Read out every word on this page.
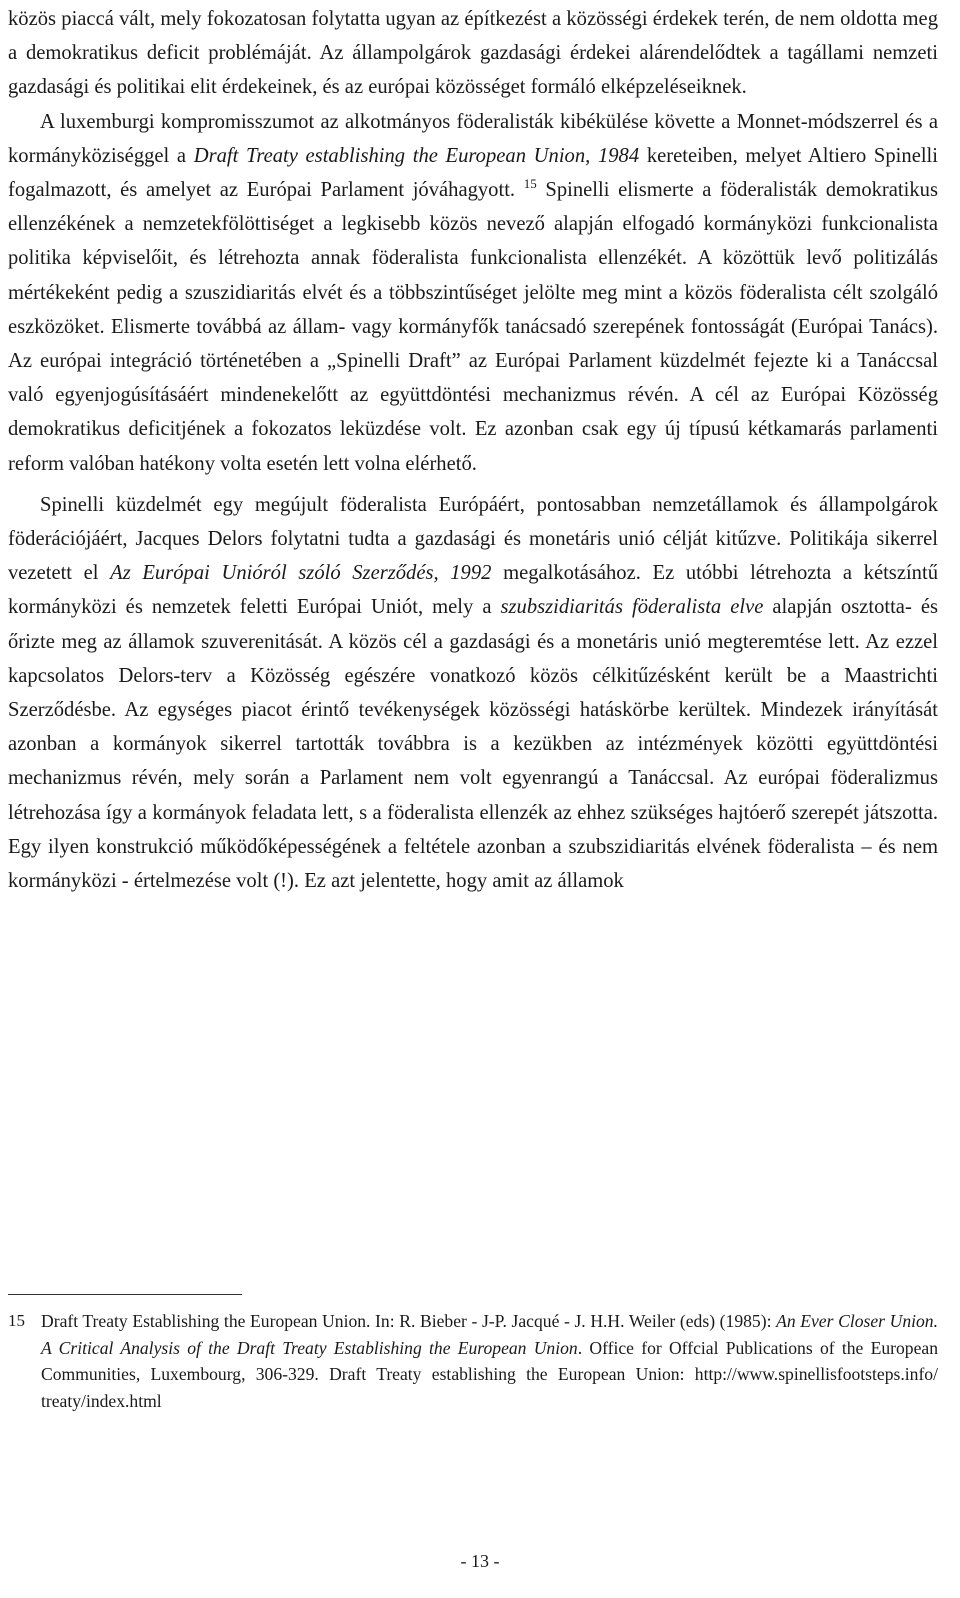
közös piaccá vált, mely fokozatosan folytatta ugyan az építkezést a közösségi érdekek terén, de nem oldotta meg a demokratikus deficit problémáját. Az állampolgárok gazdasági érdekei alárendelődtek a tagállami nemzeti gazdasági és politikai elit érdekeinek, és az európai közösséget formáló elképzeléseiknek.

A luxemburgi kompromisszumot az alkotmányos föderalisták kibékülése követte a Monnet-módszerrel és a kormányköziséggel a Draft Treaty establishing the European Union, 1984 kereteiben, melyet Altiero Spinelli fogalmazott, és amelyet az Európai Parlament jóváhagyott. $^{15}$ Spinelli elismerte a föderalisták demokratikus ellenzékének a nemzetekfölöttiséget a legkisebb közös nevező alapján elfogadó kormányközi funkcionalista politika képviselőit, és létrehozta annak föderalista funkcionalista ellenzékét. A közöttük levő politizálás mértékeként pedig a szuszidiaritás elvét és a többszintűséget jelölte meg mint a közös föderalista célt szolgáló eszközöket. Elismerte továbbá az állam- vagy kormányfők tanácsadó szerepének fontosságát (Európai Tanács). Az európai integráció történetében a „Spinelli Draft” az Európai Parlament küzdelmét fejezte ki a Tanáccsal való egyenjogúsításáért mindenekelőtt az együttdöntési mechanizmus révén. A cél az Európai Közösség demokratikus deficitjének a fokozatos leküzdése volt. Ez azonban csak egy új típusú kétkamarás parlamenti reform valóban hatékony volta esetén lett volna elérhető.

Spinelli küzdelmét egy megújult föderalista Európáért, pontosabban nemzetállamok és állampolgárok föderációjáért, Jacques Delors folytatni tudta a gazdasági és monetáris unió célját kitűzve. Politikája sikerrel vezetett el Az Európai Unióról szóló Szerződés, 1992 megalkotásához. Ez utóbbi létrehozta a kétszíntű kormányközi és nemzetek feletti Európai Uniót, mely a szubszidiaritás föderalista elve alapján osztotta- és őrizte meg az államok szuverenitását. A közös cél a gazdasági és a monetáris unió megteremtése lett. Az ezzel kapcsolatos Delors-terv a Közösség egészére vonatkozó közös célkitűzésként került be a Maastrichti Szerződésbe. Az egységes piacot érintő tevékenységek közösségi hatáskörbe kerültek. Mindezek irányítását azonban a kormányok sikerrel tartották továbbra is a kezükben az intézmények közötti együttdöntési mechanizmus révén, mely során a Parlament nem volt egyenrangú a Tanáccsal. Az európai föderalizmus létrehozása így a kormányok feladata lett, s a föderalista ellenzék az ehhez szükséges hajtóerő szerepét játszotta. Egy ilyen konstrukció működőképességének a feltétele azonban a szubszidiaritás elvének föderalista – és nem kormányközi - értelmezése volt (!). Ez azt jelentette, hogy amit az államok

15 Draft Treaty Establishing the European Union. In: R. Bieber - J-P. Jacqué - J. H.H. Weiler (eds) (1985): An Ever Closer Union. A Critical Analysis of the Draft Treaty Establishing the European Union. Office for Offcial Publications of the European Communities, Luxembourg, 306-329. Draft Treaty establishing the European Union: http://www.spinellisfootsteps.info/ treaty/index.html
- 13 -
